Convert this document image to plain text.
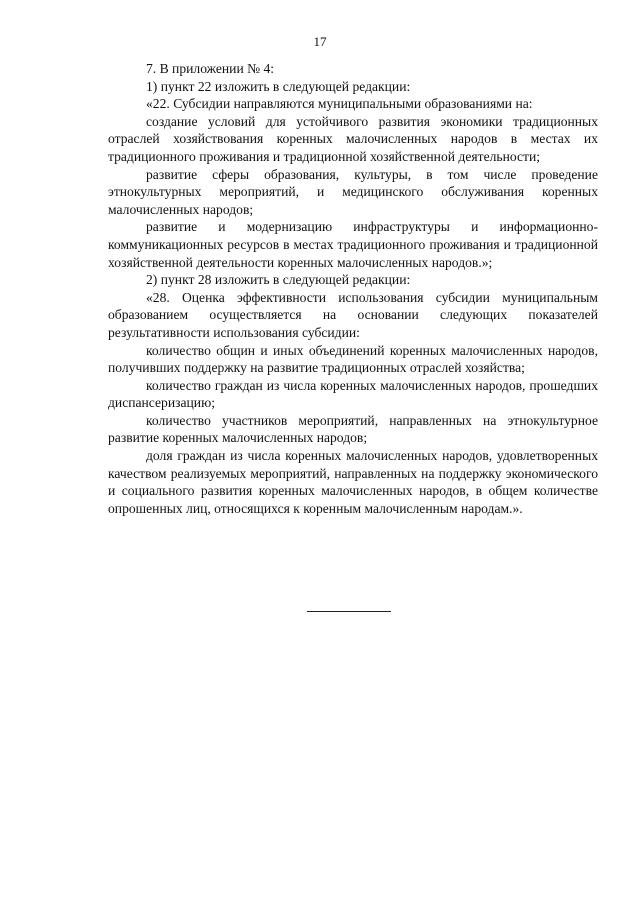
17

7. В приложении № 4:

1) пункт 22 изложить в следующей редакции:

«22. Субсидии направляются муниципальными образованиями на:

создание условий для устойчивого развития экономики традиционных отраслей хозяйствования коренных малочисленных народов в местах их традиционного проживания и традиционной хозяйственной деятельности;

развитие сферы образования, культуры, в том числе проведение этнокультурных мероприятий, и медицинского обслуживания коренных малочисленных народов;

развитие и модернизацию инфраструктуры и информационно-коммуникационных ресурсов в местах традиционного проживания и традиционной хозяйственной деятельности коренных малочисленных народов.»;

2) пункт 28 изложить в следующей редакции:

«28. Оценка эффективности использования субсидии муниципальным образованием осуществляется на основании следующих показателей результативности использования субсидии:

количество общин и иных объединений коренных малочисленных народов, получивших поддержку на развитие традиционных отраслей хозяйства;

количество граждан из числа коренных малочисленных народов, прошедших диспансеризацию;

количество участников мероприятий, направленных на этнокультурное развитие коренных малочисленных народов;

доля граждан из числа коренных малочисленных народов, удовлетворенных качеством реализуемых мероприятий, направленных на поддержку экономического и социального развития коренных малочисленных народов, в общем количестве опрошенных лиц, относящихся к коренным малочисленным народам.».
